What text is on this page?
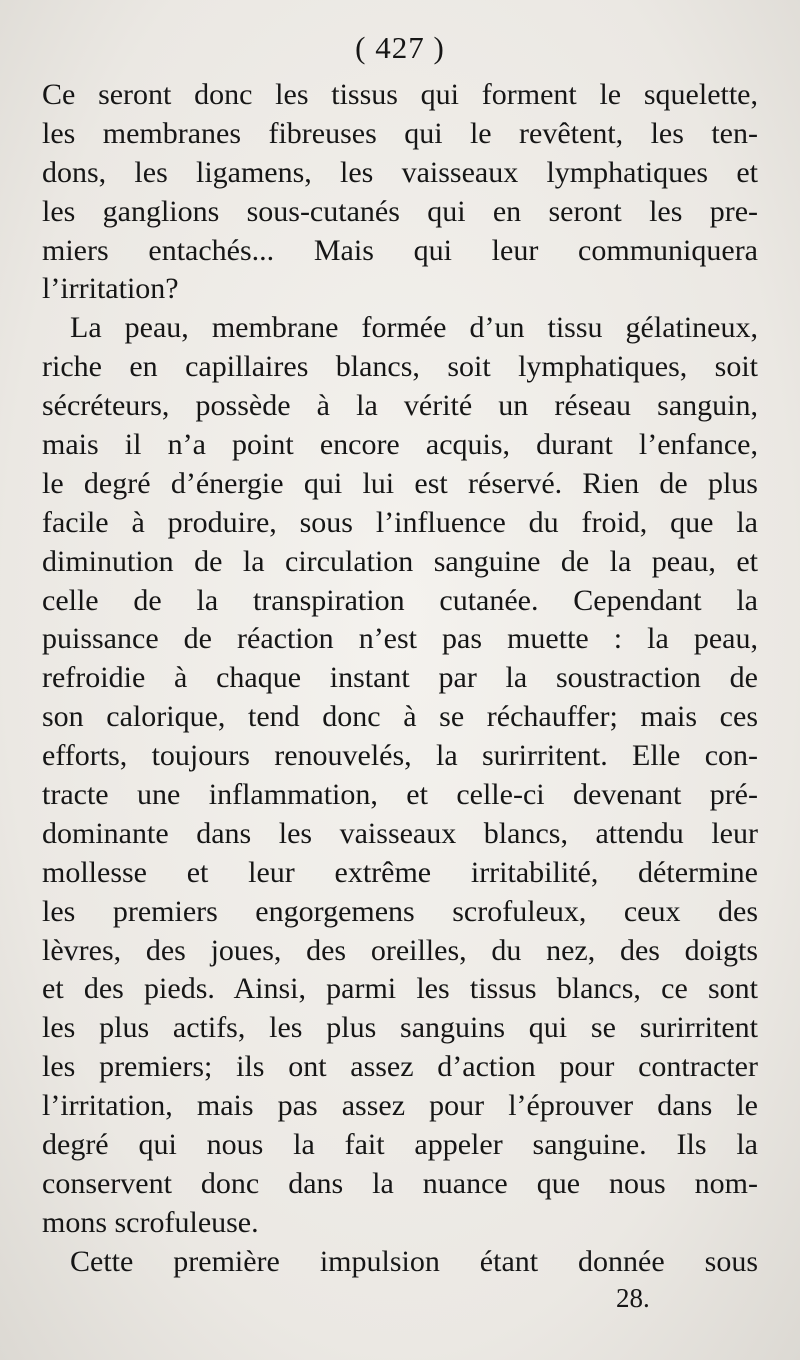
( 427 )
Ce seront donc les tissus qui forment le squelette,
les membranes fibreuses qui le revêtent, les ten-
dons, les ligamens, les vaisseaux lymphatiques et
les ganglions sous-cutanés qui en seront les pre-
miers entachés... Mais qui leur communiquera
l’irritation?
La peau, membrane formée d’un tissu gélatineux,
riche en capillaires blancs, soit lymphatiques, soit
sécréteurs, possède à la vérité un réseau sanguin,
mais il n’a point encore acquis, durant l’enfance,
le degré d’énergie qui lui est réservé. Rien de plus
facile à produire, sous l’influence du froid, que la
diminution de la circulation sanguine de la peau, et
celle de la transpiration cutanée. Cependant la
puissance de réaction n’est pas muette : la peau,
refroidie à chaque instant par la soustraction de
son calorique, tend donc à se réchauffer; mais ces
efforts, toujours renouvelés, la surirritent. Elle con-
tracte une inflammation, et celle-ci devenant pré-
dominante dans les vaisseaux blancs, attendu leur
mollesse et leur extrême irritabilité, détermine
les premiers engorgemens scrofuleux, ceux des
lèvres, des joues, des oreilles, du nez, des doigts
et des pieds. Ainsi, parmi les tissus blancs, ce sont
les plus actifs, les plus sanguins qui se surirritent
les premiers; ils ont assez d’action pour contracter
l’irritation, mais pas assez pour l’éprouver dans le
degré qui nous la fait appeler sanguine. Ils la
conservent donc dans la nuance que nous nom-
mons scrofuleuse.
Cette première impulsion étant donnée sous
28.
